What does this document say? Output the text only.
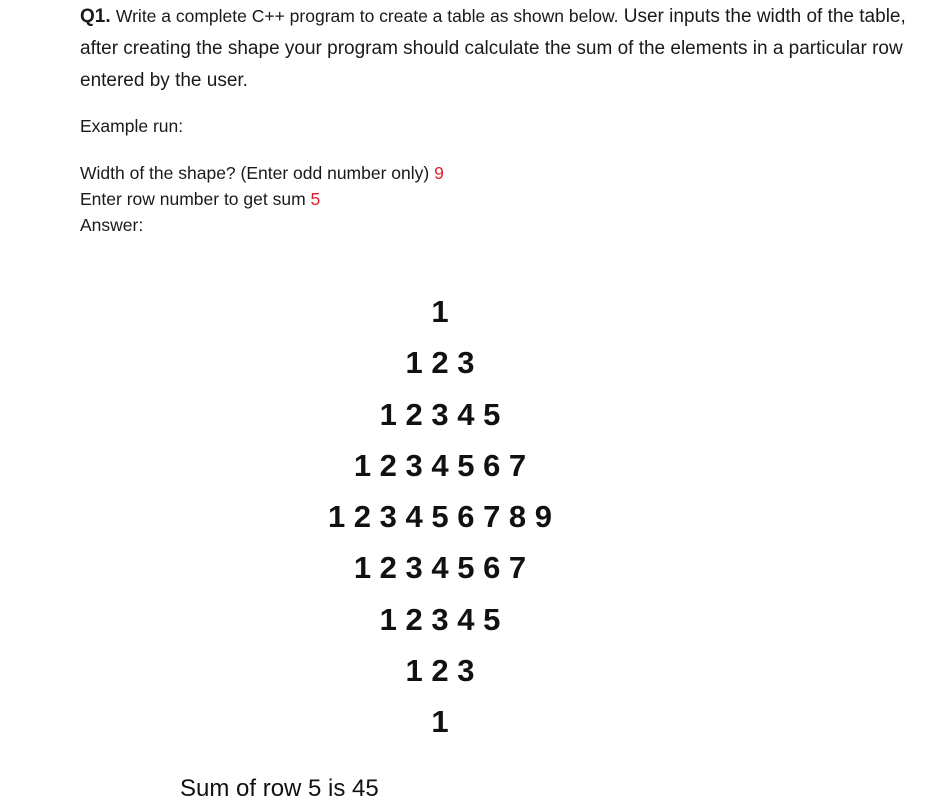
Q1. Write a complete C++ program to create a table as shown below. User inputs the width of the table, after creating the shape your program should calculate the sum of the elements in a particular row entered by the user.
Example run:
Width of the shape? (Enter odd number only) 9
Enter row number to get sum 5
Answer:
1
1 2 3
1 2 3 4 5
1 2 3 4 5 6 7
1 2 3 4 5 6 7 8 9
1 2 3 4 5 6 7
1 2 3 4 5
1 2 3
1
Sum of row 5 is 45
